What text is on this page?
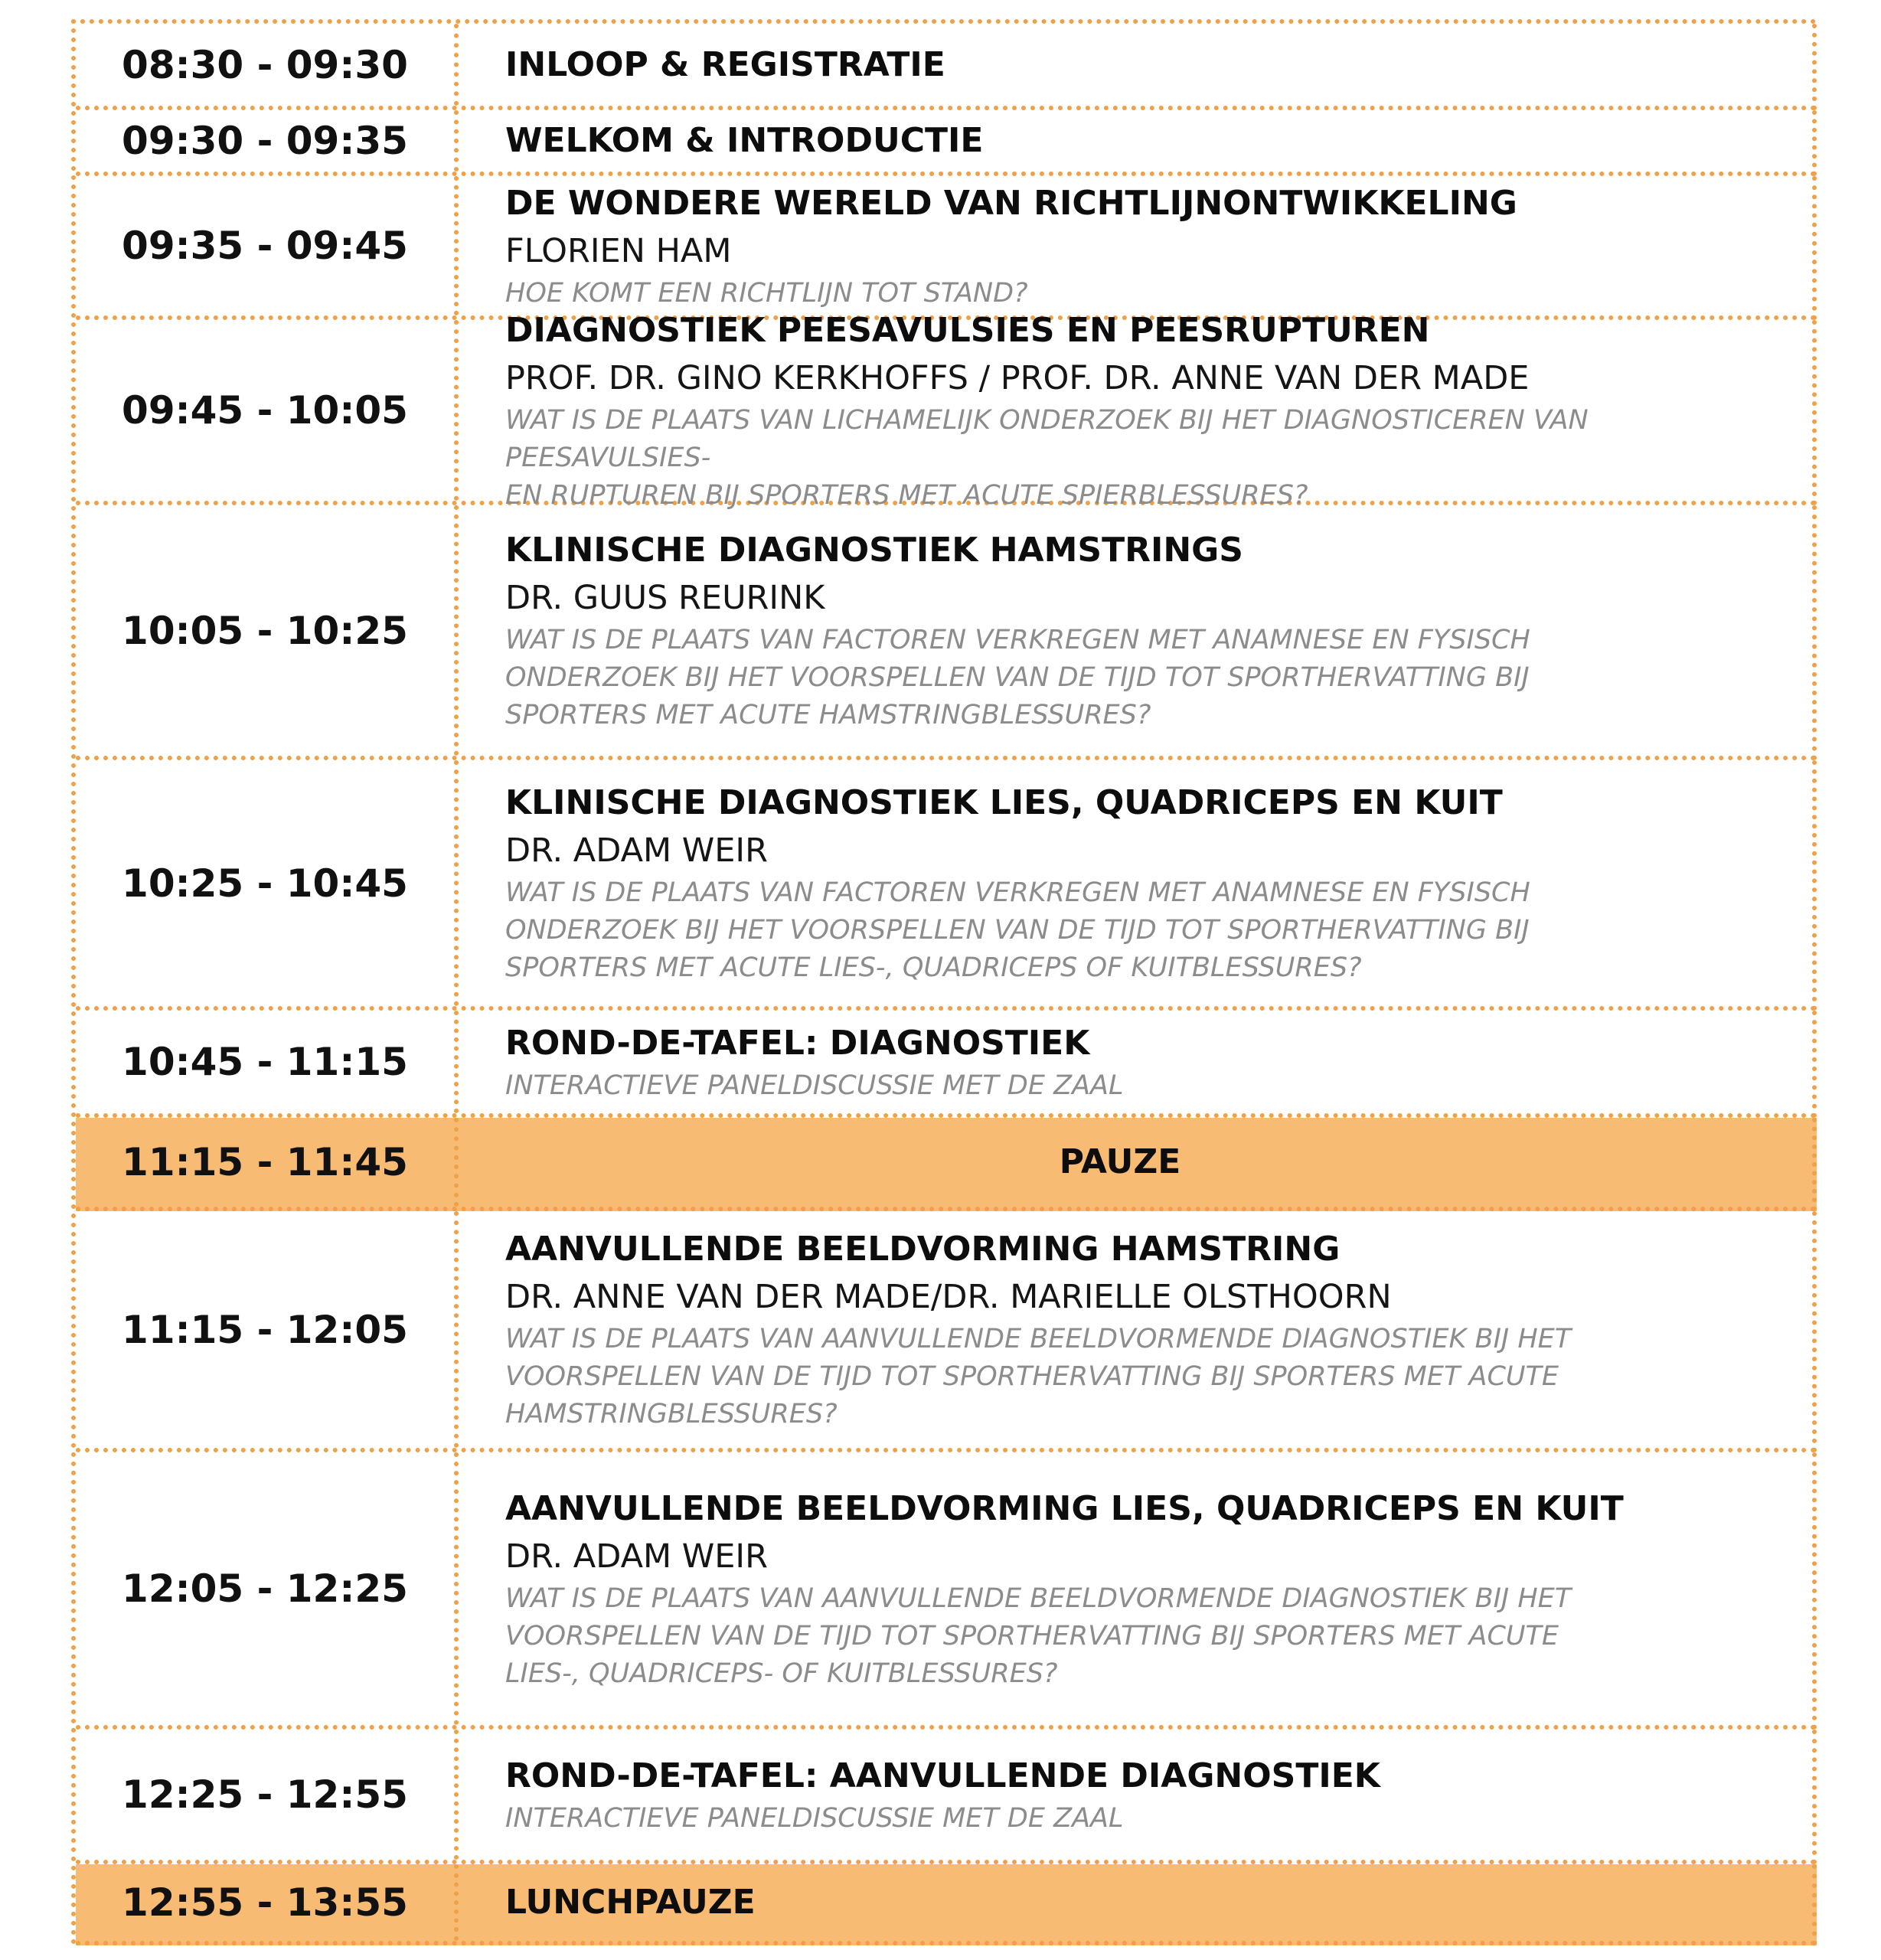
08:30 - 09:30	INLOOP & REGISTRATIE
09:30 - 09:35	WELKOM & INTRODUCTIE
09:35 - 09:45
DE WONDERE WERELD VAN RICHTLIJNONTWIKKELING
FLORIEN HAM
HOE KOMT EEN RICHTLIJN TOT STAND?
09:45 - 10:05
DIAGNOSTIEK PEESAVULSIES EN PEESRUPTUREN
PROF. DR. GINO KERKHOFFS / PROF. DR. ANNE VAN DER MADE
WAT IS DE PLAATS VAN LICHAMELIJK ONDERZOEK BIJ HET DIAGNOSTICEREN VAN PEESAVULSIES-
EN RUPTUREN BIJ SPORTERS MET ACUTE SPIERBLESSURES?
10:05 - 10:25
KLINISCHE DIAGNOSTIEK HAMSTRINGS
DR. GUUS REURINK
WAT IS DE PLAATS VAN FACTOREN VERKREGEN MET ANAMNESE EN FYSISCH
ONDERZOEK BIJ HET VOORSPELLEN VAN DE TIJD TOT SPORTHERVATTING BIJ
SPORTERS MET ACUTE HAMSTRINGBLESSURES?
10:25 - 10:45
KLINISCHE DIAGNOSTIEK LIES, QUADRICEPS EN KUIT
DR. ADAM WEIR
WAT IS DE PLAATS VAN FACTOREN VERKREGEN MET ANAMNESE EN FYSISCH
ONDERZOEK BIJ HET VOORSPELLEN VAN DE TIJD TOT SPORTHERVATTING BIJ
SPORTERS MET ACUTE LIES-, QUADRICEPS OF KUITBLESSURES?
10:45 - 11:15	ROND-DE-TAFEL: DIAGNOSTIEK
INTERACTIEVE PANELDISCUSSIE MET DE ZAAL
11:15 - 11:45	PAUZE
11:15 - 12:05
AANVULLENDE BEELDVORMING HAMSTRING
DR. ANNE VAN DER MADE/DR. MARIELLE OLSTHOORN
WAT IS DE PLAATS VAN AANVULLENDE BEELDVORMENDE DIAGNOSTIEK BIJ HET
VOORSPELLEN VAN DE TIJD TOT SPORTHERVATTING BIJ SPORTERS MET ACUTE
HAMSTRINGBLESSURES?
12:05 - 12:25
AANVULLENDE BEELDVORMING LIES, QUADRICEPS EN KUIT
DR. ADAM WEIR
WAT IS DE PLAATS VAN AANVULLENDE BEELDVORMENDE DIAGNOSTIEK BIJ HET
VOORSPELLEN VAN DE TIJD TOT SPORTHERVATTING BIJ SPORTERS MET ACUTE
LIES-, QUADRICEPS- OF KUITBLESSURES?
12:25 - 12:55	ROND-DE-TAFEL: AANVULLENDE DIAGNOSTIEK
INTERACTIEVE PANELDISCUSSIE MET DE ZAAL
12:55 - 13:55	LUNCHPAUZE
